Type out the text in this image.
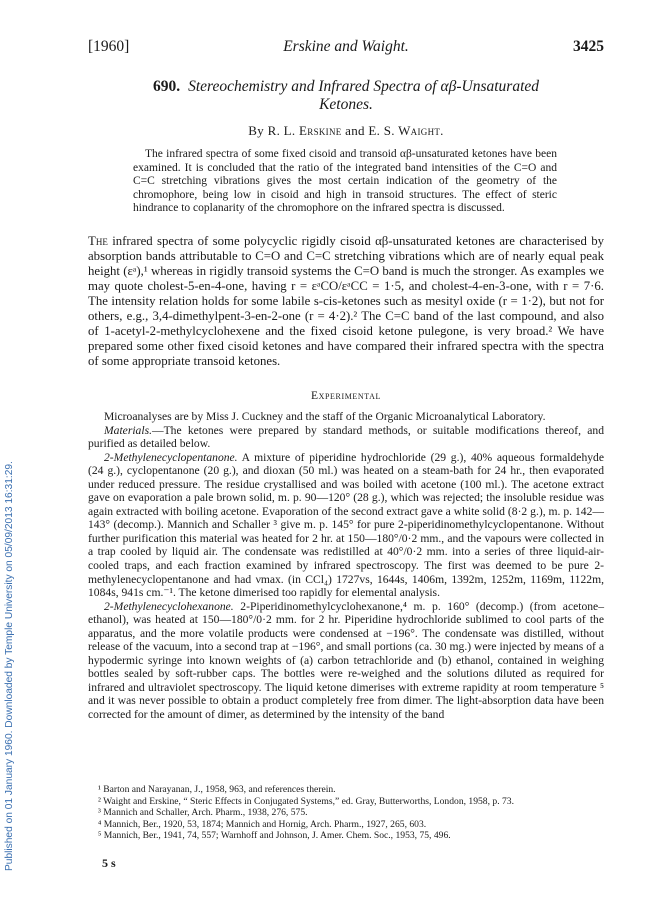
Published on 01 January 1960. Downloaded by Temple University on 05/09/2013 16:31:29.
[1960]	Erskine and Waight.	3425
690. Stereochemistry and Infrared Spectra of αβ-Unsaturated
Ketones.
By R. L. Erskine and E. S. Waight.

The infrared spectra of some fixed cisoid and transoid αβ-unsaturated ketones have been examined. It is concluded that the ratio of the integrated band intensities of the C=O and C=C stretching vibrations gives the most certain indication of the geometry of the chromophore, being low in cisoid and high in transoid structures. The effect of steric hindrance to coplanarity of the chromophore on the infrared spectra is discussed.

The infrared spectra of some polycyclic rigidly cisoid αβ-unsaturated ketones are characterised by absorption bands attributable to C=O and C=C stretching vibrations which are of nearly equal peak height (εᵃ),¹ whereas in rigidly transoid systems the C=O band is much the stronger. As examples we may quote cholest-5-en-4-one, having r = εᵃCO/εᵃCC = 1·5, and cholest-4-en-3-one, with r = 7·6. The intensity relation holds for some labile s-cis-ketones such as mesityl oxide (r = 1·2), but not for others, e.g., 3,4-dimethylpent-3-en-2-one (r = 4·2).² The C=C band of the last compound, and also of 1-acetyl-2-methylcyclohexene and the fixed cisoid ketone pulegone, is very broad.² We have prepared some other fixed cisoid ketones and have compared their infrared spectra with the spectra of some appropriate transoid ketones.

Experimental

Microanalyses are by Miss J. Cuckney and the staff of the Organic Microanalytical Laboratory.

Materials.—The ketones were prepared by standard methods, or suitable modifications thereof, and purified as detailed below.

2-Methylenecyclopentanone. A mixture of piperidine hydrochloride (29 g.), 40% aqueous formaldehyde (24 g.), cyclopentanone (20 g.), and dioxan (50 ml.) was heated on a steam-bath for 24 hr., then evaporated under reduced pressure. The residue crystallised and was boiled with acetone (100 ml.). The acetone extract gave on evaporation a pale brown solid, m. p. 90—120° (28 g.), which was rejected; the insoluble residue was again extracted with boiling acetone. Evaporation of the second extract gave a white solid (8·2 g.), m. p. 142—143° (decomp.). Mannich and Schaller ³ give m. p. 145° for pure 2-piperidinomethylcyclopentanone. Without further purification this material was heated for 2 hr. at 150—180°/0·2 mm., and the vapours were collected in a trap cooled by liquid air. The condensate was redistilled at 40°/0·2 mm. into a series of three liquid-air-cooled traps, and each fraction examined by infrared spectroscopy. The first was deemed to be pure 2-methylenecyclopentanone and had νmax. (in CCl₄) 1727vs, 1644s, 1406m, 1392m, 1252m, 1169m, 1122m, 1084s, 941s cm.⁻¹. The ketone dimerised too rapidly for elemental analysis.

2-Methylenecyclohexanone. 2-Piperidinomethylcyclohexanone,⁴ m. p. 160° (decomp.) (from acetone–ethanol), was heated at 150—180°/0·2 mm. for 2 hr. Piperidine hydrochloride sublimed to cool parts of the apparatus, and the more volatile products were condensed at −196°. The condensate was distilled, without release of the vacuum, into a second trap at −196°, and small portions (ca. 30 mg.) were injected by means of a hypodermic syringe into known weights of (a) carbon tetrachloride and (b) ethanol, contained in weighing bottles sealed by soft-rubber caps. The bottles were re-weighed and the solutions diluted as required for infrared and ultraviolet spectroscopy. The liquid ketone dimerises with extreme rapidity at room temperature ⁵ and it was never possible to obtain a product completely free from dimer. The light-absorption data have been corrected for the amount of dimer, as determined by the intensity of the band

¹ Barton and Narayanan, J., 1958, 963, and references therein.
² Waight and Erskine, “ Steric Effects in Conjugated Systems,” ed. Gray, Butterworths, London, 1958, p. 73.
³ Mannich and Schaller, Arch. Pharm., 1938, 276, 575.
⁴ Mannich, Ber., 1920, 53, 1874; Mannich and Hornig, Arch. Pharm., 1927, 265, 603.
⁵ Mannich, Ber., 1941, 74, 557; Warnhoff and Johnson, J. Amer. Chem. Soc., 1953, 75, 496.
5 s
